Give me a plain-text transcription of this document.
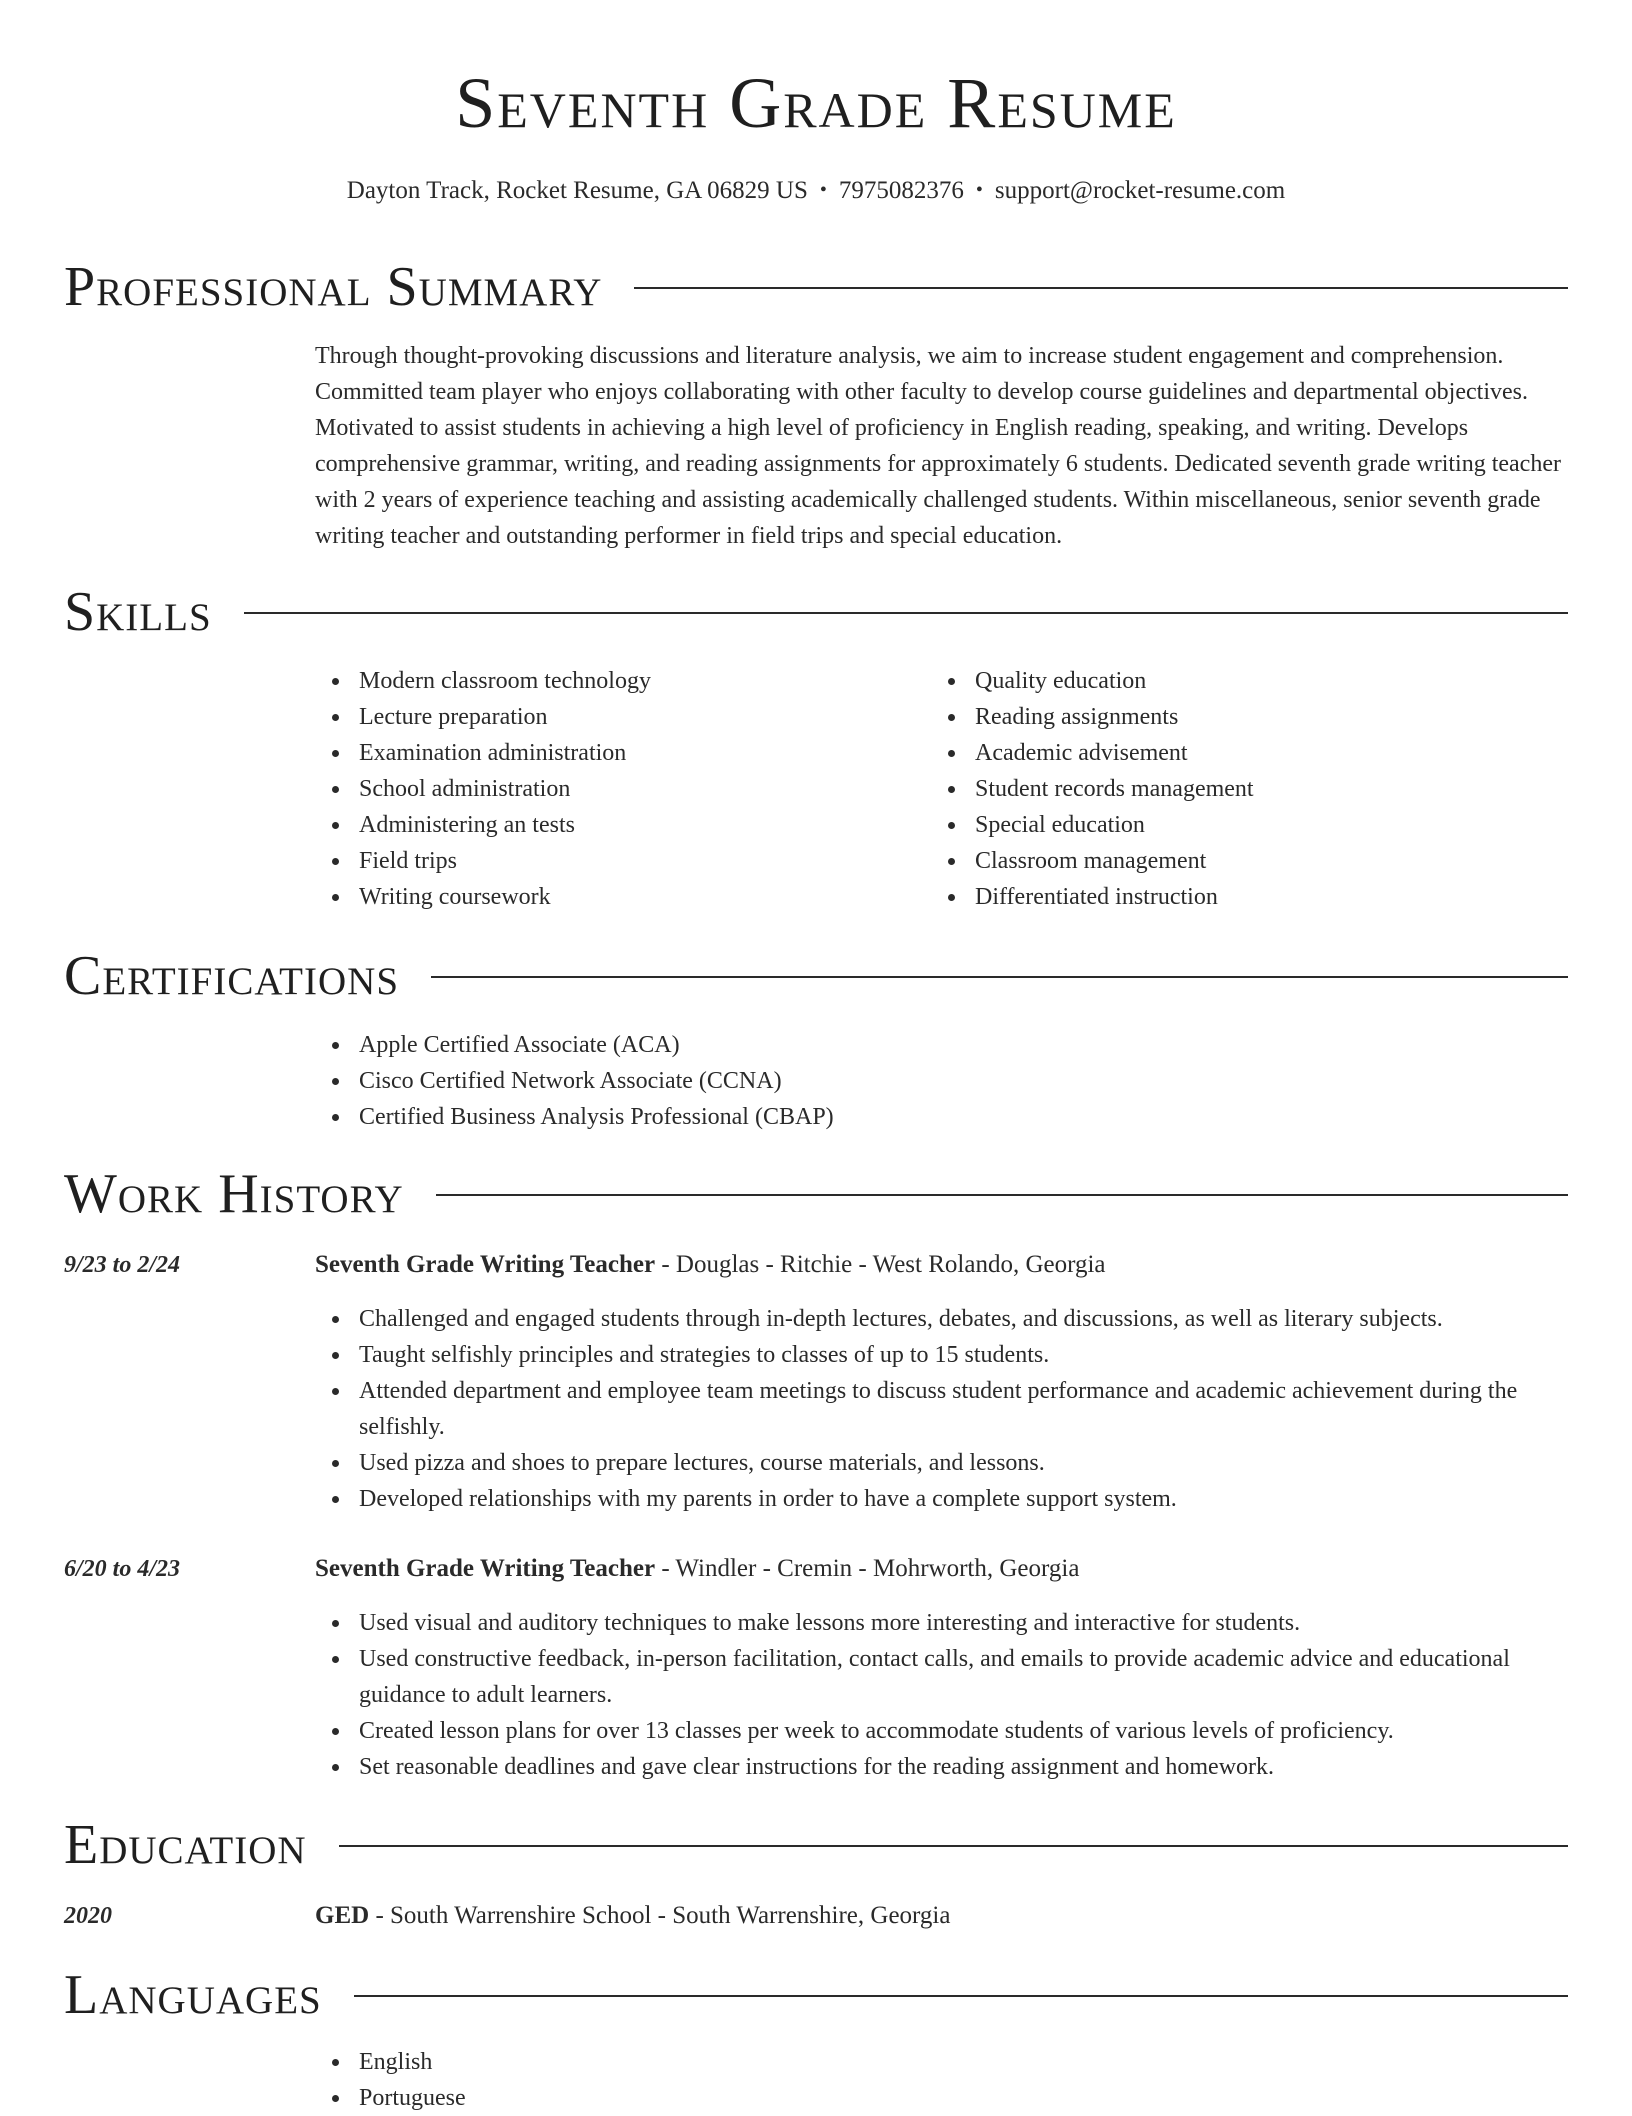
Seventh Grade Resume
Dayton Track, Rocket Resume, GA 06829 US • 7975082376 • support@rocket-resume.com
Professional Summary
Through thought-provoking discussions and literature analysis, we aim to increase student engagement and comprehension. Committed team player who enjoys collaborating with other faculty to develop course guidelines and departmental objectives. Motivated to assist students in achieving a high level of proficiency in English reading, speaking, and writing. Develops comprehensive grammar, writing, and reading assignments for approximately 6 students. Dedicated seventh grade writing teacher with 2 years of experience teaching and assisting academically challenged students. Within miscellaneous, senior seventh grade writing teacher and outstanding performer in field trips and special education.
Skills
Modern classroom technology
Lecture preparation
Examination administration
School administration
Administering an tests
Field trips
Writing coursework
Quality education
Reading assignments
Academic advisement
Student records management
Special education
Classroom management
Differentiated instruction
Certifications
Apple Certified Associate (ACA)
Cisco Certified Network Associate (CCNA)
Certified Business Analysis Professional (CBAP)
Work History
9/23 to 2/24	Seventh Grade Writing Teacher - Douglas - Ritchie - West Rolando, Georgia
Challenged and engaged students through in-depth lectures, debates, and discussions, as well as literary subjects.
Taught selfishly principles and strategies to classes of up to 15 students.
Attended department and employee team meetings to discuss student performance and academic achievement during the selfishly.
Used pizza and shoes to prepare lectures, course materials, and lessons.
Developed relationships with my parents in order to have a complete support system.
6/20 to 4/23	Seventh Grade Writing Teacher - Windler - Cremin - Mohrworth, Georgia
Used visual and auditory techniques to make lessons more interesting and interactive for students.
Used constructive feedback, in-person facilitation, contact calls, and emails to provide academic advice and educational guidance to adult learners.
Created lesson plans for over 13 classes per week to accommodate students of various levels of proficiency.
Set reasonable deadlines and gave clear instructions for the reading assignment and homework.
Education
2020	GED - South Warrenshire School - South Warrenshire, Georgia
Languages
English
Portuguese
